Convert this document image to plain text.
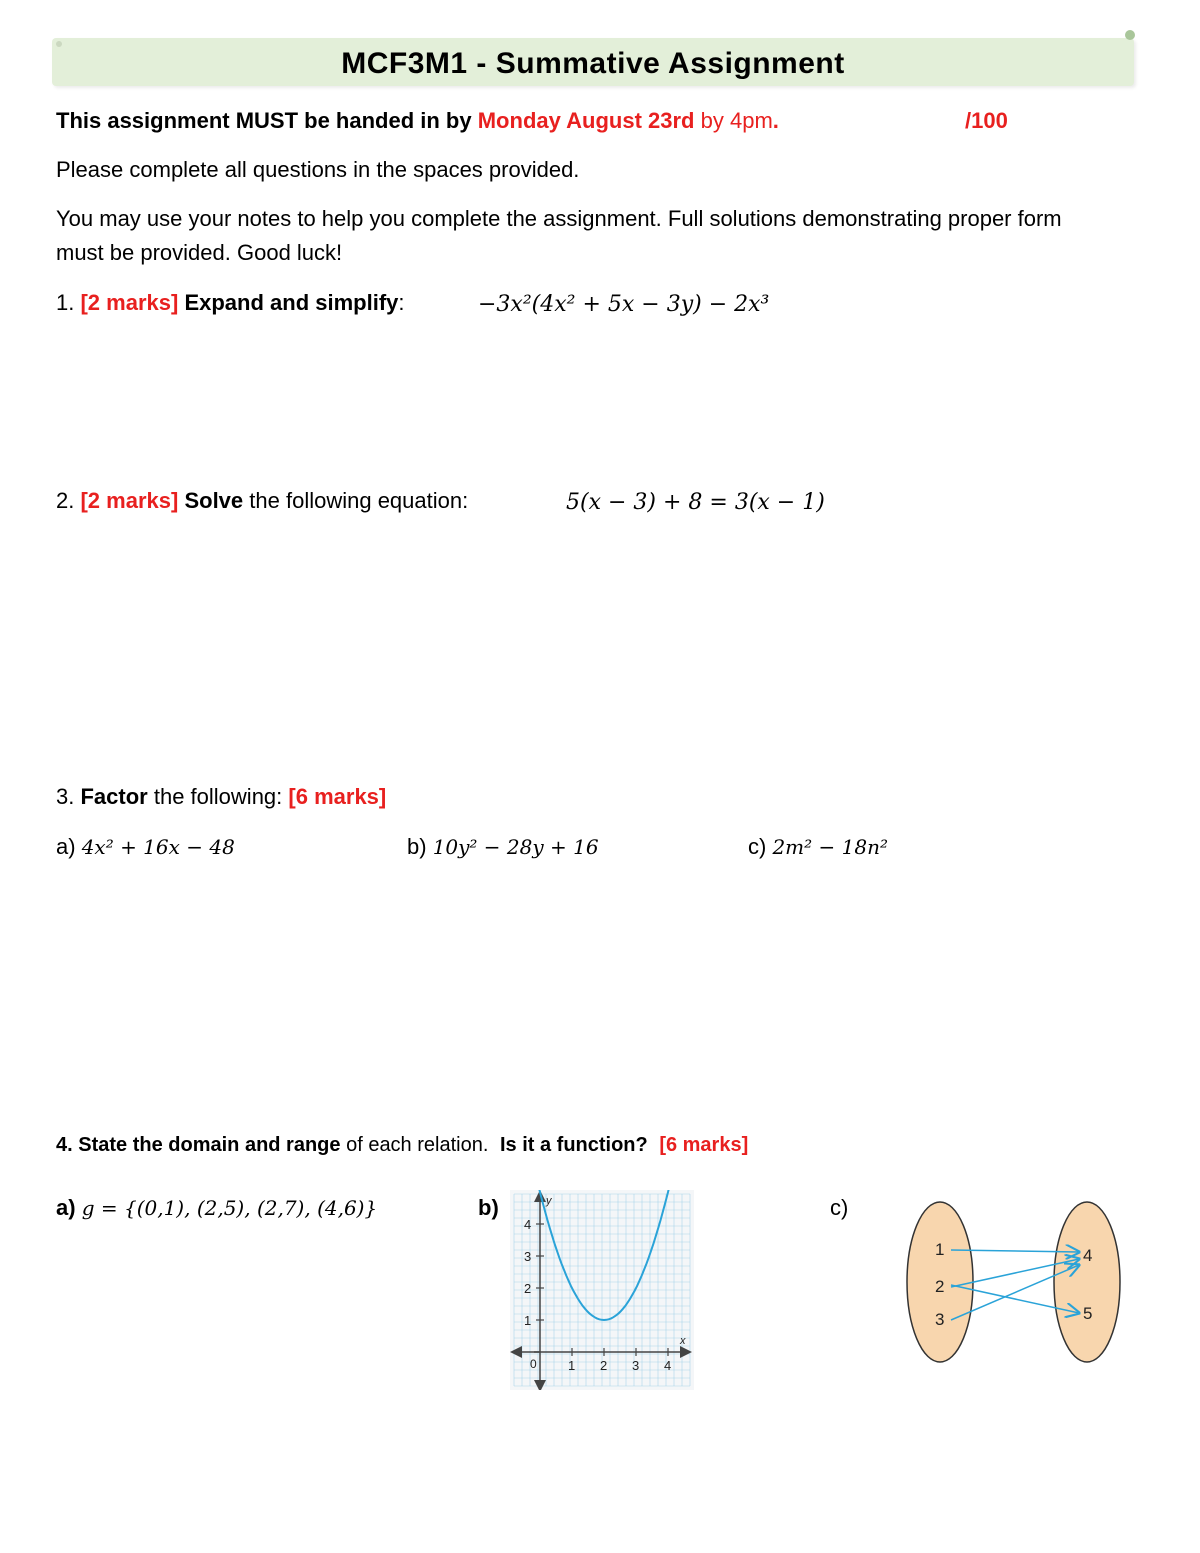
MCF3M1 - Summative Assignment
This assignment MUST be handed in by Monday August 23rd by 4pm.	/100
Please complete all questions in the spaces provided.
You may use your notes to help you complete the assignment. Full solutions demonstrating proper form
must be provided. Good luck!
1. [2 marks] Expand and simplify:	−3x²(4x² + 5x − 3y) − 2x³
2. [2 marks] Solve the following equation:	5(x − 3) + 8 = 3(x − 1)
3. Factor the following: [6 marks]
a) 4x² + 16x − 48	b) 10y² − 28y + 16	c) 2m² − 18n²
4. State the domain and range of each relation. Is it a function? [6 marks]
a) g = {(0,1), (2,5), (2,7), (4,6)}	b)	c)
1 2 3 4
1
2
3
4
y
x
0
1
2
3
4
5
